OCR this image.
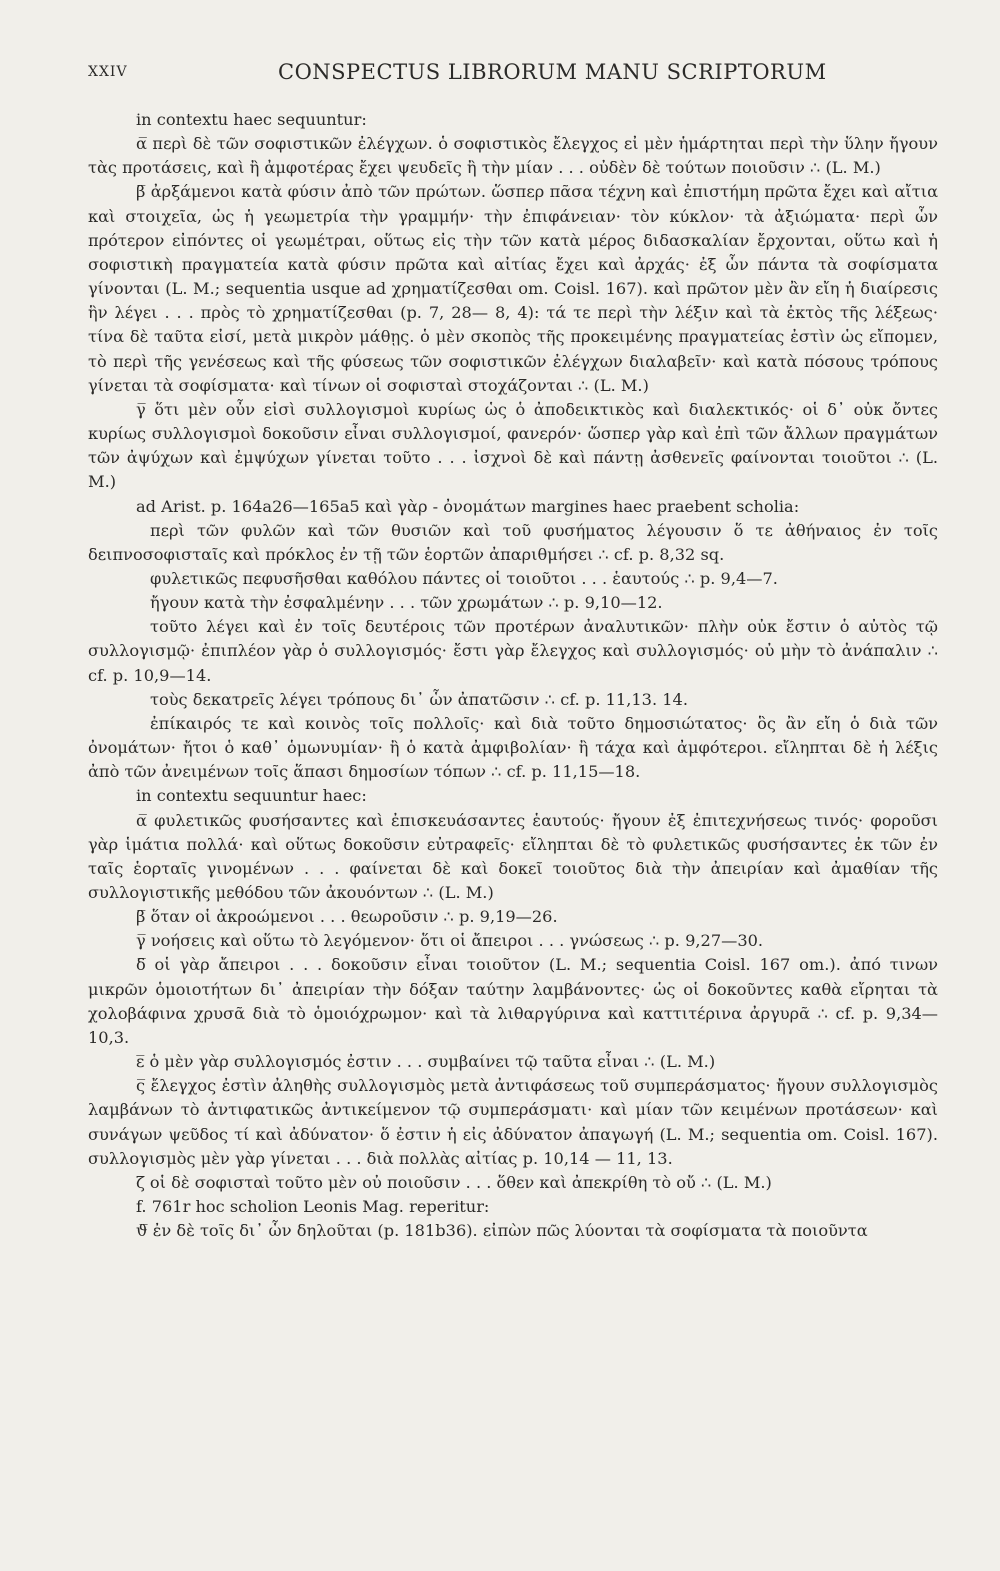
XXIV	CONSPECTUS LIBRORUM MANU SCRIPTORUM

in contextu haec sequuntur:

α̅ περὶ δὲ τῶν σοφιστικῶν ἐλέγχων. ὁ σοφιστικὸς ἔλεγχος εἰ μὲν ἡμάρτηται περὶ τὴν ὕλην ἤγουν τὰς προτάσεις, καὶ ἢ ἀμφοτέρας ἔχει ψευδεῖς ἢ τὴν μίαν . . . οὐδὲν δὲ τούτων ποιοῦσιν ∴ (L. M.)

β̅ ἀρξάμενοι κατὰ φύσιν ἀπὸ τῶν πρώτων. ὥσπερ πᾶσα τέχνη καὶ ἐπιστήμη πρῶτα ἔχει καὶ αἴτια καὶ στοιχεῖα, ὡς ἡ γεωμετρία τὴν γραμμήν· τὴν ἐπιφάνειαν· τὸν κύκλον· τὰ ἀξιώματα· περὶ ὧν πρότερον εἰπόντες οἱ γεωμέτραι, οὕτως εἰς τὴν τῶν κατὰ μέρος διδασκαλίαν ἔρχονται, οὕτω καὶ ἡ σοφιστικὴ πραγματεία κατὰ φύσιν πρῶτα καὶ αἰτίας ἔχει καὶ ἀρχάς· ἐξ ὧν πάντα τὰ σοφίσματα γίνονται (L. M.; sequentia usque ad χρηματίζεσθαι om. Coisl. 167). καὶ πρῶτον μὲν ἂν εἴη ἡ διαίρεσις ἣν λέγει . . . πρὸς τὸ χρηματίζεσθαι (p. 7, 28— 8, 4): τά τε περὶ τὴν λέξιν καὶ τὰ ἐκτὸς τῆς λέξεως· τίνα δὲ ταῦτα εἰσί, μετὰ μικρὸν μάθῃς. ὁ μὲν σκοπὸς τῆς προκειμένης πραγματείας ἐστὶν ὡς εἴπομεν, τὸ περὶ τῆς γενέσεως καὶ τῆς φύσεως τῶν σοφιστικῶν ἐλέγχων διαλαβεῖν· καὶ κατὰ πόσους τρόπους γίνεται τὰ σοφίσματα· καὶ τίνων οἱ σοφισταὶ στοχάζονται ∴ (L. M.)

γ̅ ὅτι μὲν οὖν εἰσὶ συλλογισμοὶ κυρίως ὡς ὁ ἀποδεικτικὸς καὶ διαλεκτικός· οἱ δ᾽ οὐκ ὄντες κυρίως συλλογισμοὶ δοκοῦσιν εἶναι συλλογισμοί, φανερόν· ὥσπερ γὰρ καὶ ἐπὶ τῶν ἄλλων πραγμάτων τῶν ἀψύχων καὶ ἐμψύχων γίνεται τοῦτο . . . ἰσχνοὶ δὲ καὶ πάντῃ ἀσθενεῖς φαίνονται τοιοῦτοι ∴ (L. M.)

ad Arist. p. 164a26—165a5 καὶ γὰρ - ὀνομάτων margines haec praebent scholia:

περὶ τῶν φυλῶν καὶ τῶν θυσιῶν καὶ τοῦ φυσήματος λέγουσιν ὅ τε ἀθήναιος ἐν τοῖς δειπνοσοφισταῖς καὶ πρόκλος ἐν τῇ τῶν ἑορτῶν ἀπαριθμήσει ∴ cf. p. 8,32 sq.

φυλετικῶς πεφυσῆσθαι καθόλου πάντες οἱ τοιοῦτοι . . . ἑαυτούς ∴ p. 9,4—7.

ἤγουν κατὰ τὴν ἐσφαλμένην . . . τῶν χρωμάτων ∴ p. 9,10—12.

τοῦτο λέγει καὶ ἐν τοῖς δευτέροις τῶν προτέρων ἀναλυτικῶν· πλὴν οὐκ ἔστιν ὁ αὐτὸς τῷ συλλογισμῷ· ἐπιπλέον γὰρ ὁ συλλογισμός· ἔστι γὰρ ἔλεγχος καὶ συλλογισμός· οὐ μὴν τὸ ἀνάπαλιν ∴ cf. p. 10,9—14.

τοὺς δεκατρεῖς λέγει τρόπους δι᾽ ὧν ἀπατῶσιν ∴ cf. p. 11,13. 14.

ἐπίκαιρός τε καὶ κοινὸς τοῖς πολλοῖς· καὶ διὰ τοῦτο δημοσιώτατος· ὃς ἂν εἴη ὁ διὰ τῶν ὀνομάτων· ἤτοι ὁ καθ᾽ ὁμωνυμίαν· ἢ ὁ κατὰ ἀμφιβολίαν· ἢ τάχα καὶ ἀμφότεροι. εἴληπται δὲ ἡ λέξις ἀπὸ τῶν ἀνειμένων τοῖς ἅπασι δημοσίων τόπων ∴ cf. p. 11,15—18.

in contextu sequuntur haec:

α̅ φυλετικῶς φυσήσαντες καὶ ἐπισκευάσαντες ἑαυτούς· ἤγουν ἐξ ἐπιτεχνήσεως τινός· φοροῦσι γὰρ ἱμάτια πολλά· καὶ οὕτως δοκοῦσιν εὐτραφεῖς· εἴληπται δὲ τὸ φυλετικῶς φυσήσαντες ἐκ τῶν ἐν ταῖς ἑορταῖς γινομένων . . . φαίνεται δὲ καὶ δοκεῖ τοιοῦτος διὰ τὴν ἀπειρίαν καὶ ἀμαθίαν τῆς συλλογιστικῆς μεθόδου τῶν ἀκουόντων ∴ (L. M.)

β̅ ὅταν οἱ ἀκροώμενοι . . . θεωροῦσιν ∴ p. 9,19—26.

γ̅ νοήσεις καὶ οὕτω τὸ λεγόμενον· ὅτι οἱ ἄπειροι . . . γνώσεως ∴ p. 9,27—30.

δ̅ οἱ γὰρ ἄπειροι . . . δοκοῦσιν εἶναι τοιοῦτον (L. M.; sequentia Coisl. 167 om.). ἀπό τινων μικρῶν ὁμοιοτήτων δι᾽ ἀπειρίαν τὴν δόξαν ταύτην λαμβάνοντες· ὡς οἱ δοκοῦντες καθὰ εἴρηται τὰ χολοβάφινα χρυσᾶ διὰ τὸ ὁμοιόχρωμον· καὶ τὰ λιθαργύρινα καὶ καττιτέρινα ἀργυρᾶ ∴ cf. p. 9,34—10,3.

ε̅ ὁ μὲν γὰρ συλλογισμός ἐστιν . . . συμβαίνει τῷ ταῦτα εἶναι ∴ (L. M.)

ς̅ ἔλεγχος ἐστὶν ἀληθὴς συλλογισμὸς μετὰ ἀντιφάσεως τοῦ συμπεράσματος· ἤγουν συλλογισμὸς λαμβάνων τὸ ἀντιφατικῶς ἀντικείμενον τῷ συμπεράσματι· καὶ μίαν τῶν κειμένων προτάσεων· καὶ συνάγων ψεῦδος τί καὶ ἀδύνατον· ὅ ἐστιν ἡ εἰς ἀδύνατον ἀπαγωγή (L. M.; sequentia om. Coisl. 167). συλλογισμὸς μὲν γὰρ γίνεται . . . διὰ πολλὰς αἰτίας p. 10,14 — 11, 13.

ζ̅ οἱ δὲ σοφισταὶ τοῦτο μὲν οὐ ποιοῦσιν . . . ὅθεν καὶ ἀπεκρίθη τὸ οὔ ∴ (L. M.)

f. 761r hoc scholion Leonis Mag. reperitur:

ϑ̅ ἐν δὲ τοῖς δι᾽ ὧν δηλοῦται (p. 181b36). εἰπὼν πῶς λύονται τὰ σοφίσματα τὰ ποιοῦντα
